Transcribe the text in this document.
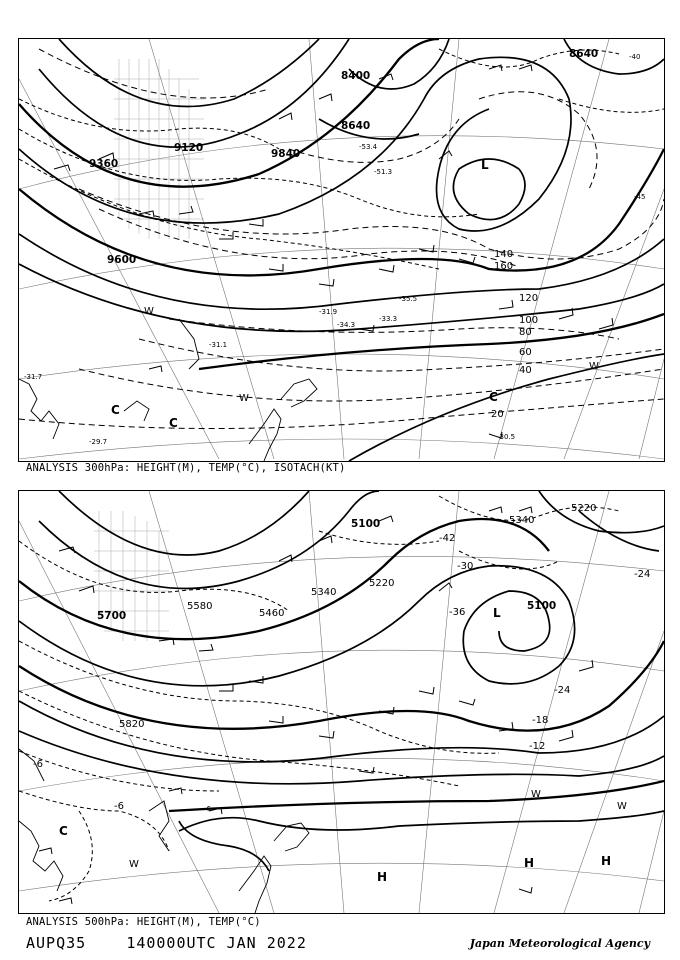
9120
9360
9600
9840
8400
8640
8640
20
40
60
80
100
120
140
160
-51.3
-53.4
-35.5
-34.3
-33.3
-31.9
-31.1
-30.5
-29.7
-31.7
-40
-45
L
C
C
C
W
W
W
ANALYSIS 300hPa: HEIGHT(M), TEMP(°C), ISOTACH(KT)
5100
5100
5220
5340
5340
5460
5580
5700
5820
5220
-42
-36
-30
-24
-24
-18
-12
-6
-6	-6
L
H
H	H
C
W
W
W
ANALYSIS 500hPa: HEIGHT(M), TEMP(°C)
AUPQ35	140000UTC JAN 2022	Japan Meteorological Agency
